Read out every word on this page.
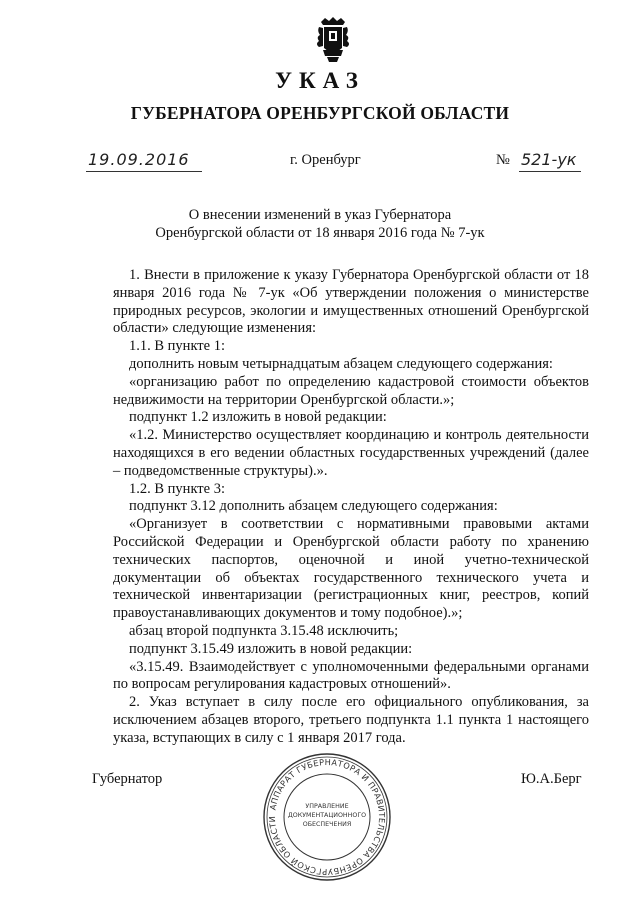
УКАЗ
ГУБЕРНАТОРА ОРЕНБУРГСКОЙ ОБЛАСТИ
19.09.2016	г. Оренбург	№ 521-ук
О внесении изменений в указ Губернатора
Оренбургской области от 18 января 2016 года № 7-ук

1. Внести в приложение к указу Губернатора Оренбургской области от 18 января 2016 года № 7-ук «Об утверждении положения о министерстве природных ресурсов, экологии и имущественных отношений Оренбургской области» следующие изменения:

1.1. В пункте 1:

дополнить новым четырнадцатым абзацем следующего содержания:

«организацию работ по определению кадастровой стоимости объектов недвижимости на территории Оренбургской области.»;

подпункт 1.2 изложить в новой редакции:

«1.2. Министерство осуществляет координацию и контроль деятельности находящихся в его ведении областных государственных учреждений (далее – подведомственные структуры).».

1.2. В пункте 3:

подпункт 3.12 дополнить абзацем следующего содержания:

«Организует в соответствии с нормативными правовыми актами Российской Федерации и Оренбургской области работу по хранению технических паспортов, оценочной и иной учетно-технической документации об объектах государственного технического учета и технической инвентаризации (регистрационных книг, реестров, копий правоустанавливающих документов и тому подобное).»;

абзац второй подпункта 3.15.48 исключить;

подпункт 3.15.49 изложить в новой редакции:

«3.15.49. Взаимодействует с уполномоченными федеральными органами по вопросам регулирования кадастровых отношений».

2. Указ вступает в силу после его официального опубликования, за исключением абзацев второго, третьего подпункта 1.1 пункта 1 настоящего указа, вступающих в силу с 1 января 2017 года.

Губернатор	Ю.А.Берг
АППАРАТ ГУБЕРНАТОРА И ПРАВИТЕЛЬСТВА ОРЕНБУРГСКОЙ ОБЛАСТИ
УПРАВЛЕНИЕ
ДОКУМЕНТАЦИОННОГО
ОБЕСПЕЧЕНИЯ
